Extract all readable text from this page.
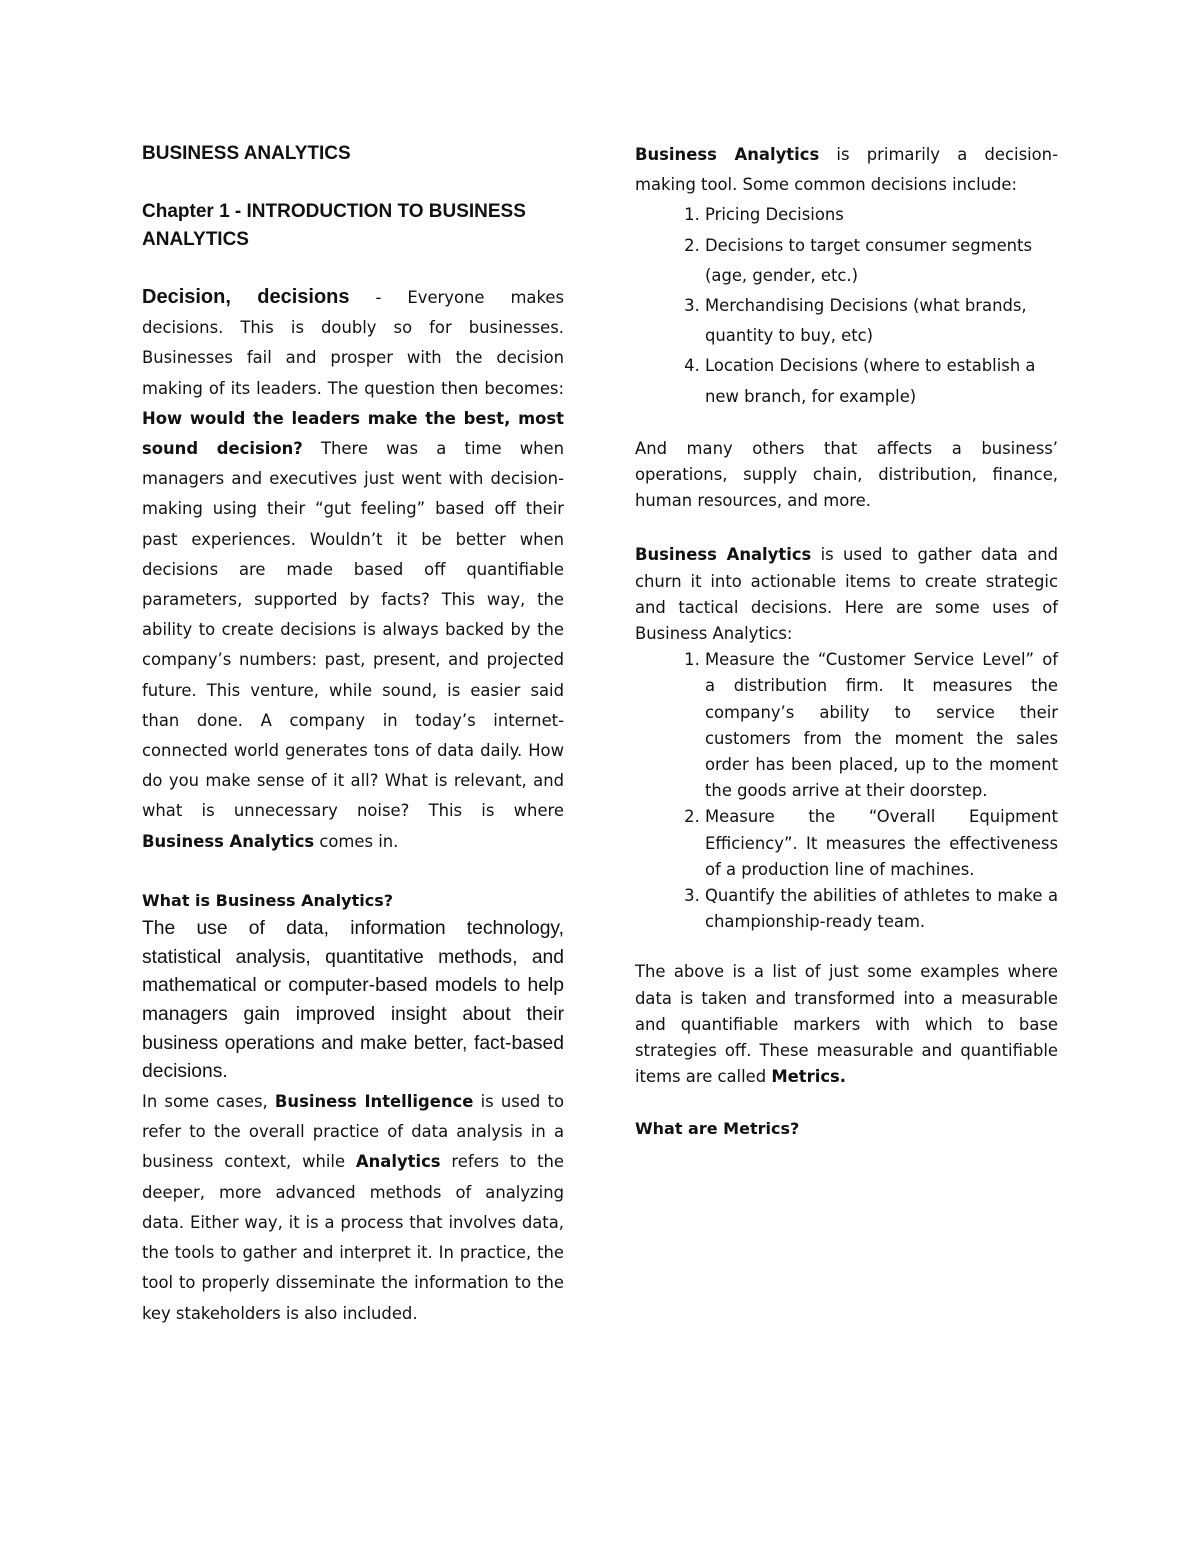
BUSINESS ANALYTICS

Chapter 1 - INTRODUCTION TO BUSINESS ANALYTICS

Decision, decisions - Everyone makes decisions. This is doubly so for businesses. Businesses fail and prosper with the decision making of its leaders. The question then becomes: How would the leaders make the best, most sound decision? There was a time when managers and executives just went with decision-making using their “gut feeling” based off their past experiences. Wouldn’t it be better when decisions are made based off quantifiable parameters, supported by facts? This way, the ability to create decisions is always backed by the company’s numbers: past, present, and projected future. This venture, while sound, is easier said than done. A company in today’s internet-connected world generates tons of data daily. How do you make sense of it all? What is relevant, and what is unnecessary noise? This is where Business Analytics comes in.

What is Business Analytics?

The use of data, information technology, statistical analysis, quantitative methods, and mathematical or computer-based models to help managers gain improved insight about their business operations and make better, fact-based decisions.

In some cases, Business Intelligence is used to refer to the overall practice of data analysis in a business context, while Analytics refers to the deeper, more advanced methods of analyzing data. Either way, it is a process that involves data, the tools to gather and interpret it. In practice, the tool to properly disseminate the information to the key stakeholders is also included.

Business Analytics is primarily a decision-making tool. Some common decisions include:

1. Pricing Decisions
2. Decisions to target consumer segments (age, gender, etc.)
3. Merchandising Decisions (what brands, quantity to buy, etc)
4. Location Decisions (where to establish a new branch, for example)

And many others that affects a business’ operations, supply chain, distribution, finance, human resources, and more.

Business Analytics is used to gather data and churn it into actionable items to create strategic and tactical decisions. Here are some uses of Business Analytics:

1. Measure the “Customer Service Level” of a distribution firm. It measures the company’s ability to service their customers from the moment the sales order has been placed, up to the moment the goods arrive at their doorstep.
2. Measure the “Overall Equipment Efficiency”. It measures the effectiveness of a production line of machines.
3. Quantify the abilities of athletes to make a championship-ready team.

The above is a list of just some examples where data is taken and transformed into a measurable and quantifiable markers with which to base strategies off. These measurable and quantifiable items are called Metrics.

What are Metrics?
